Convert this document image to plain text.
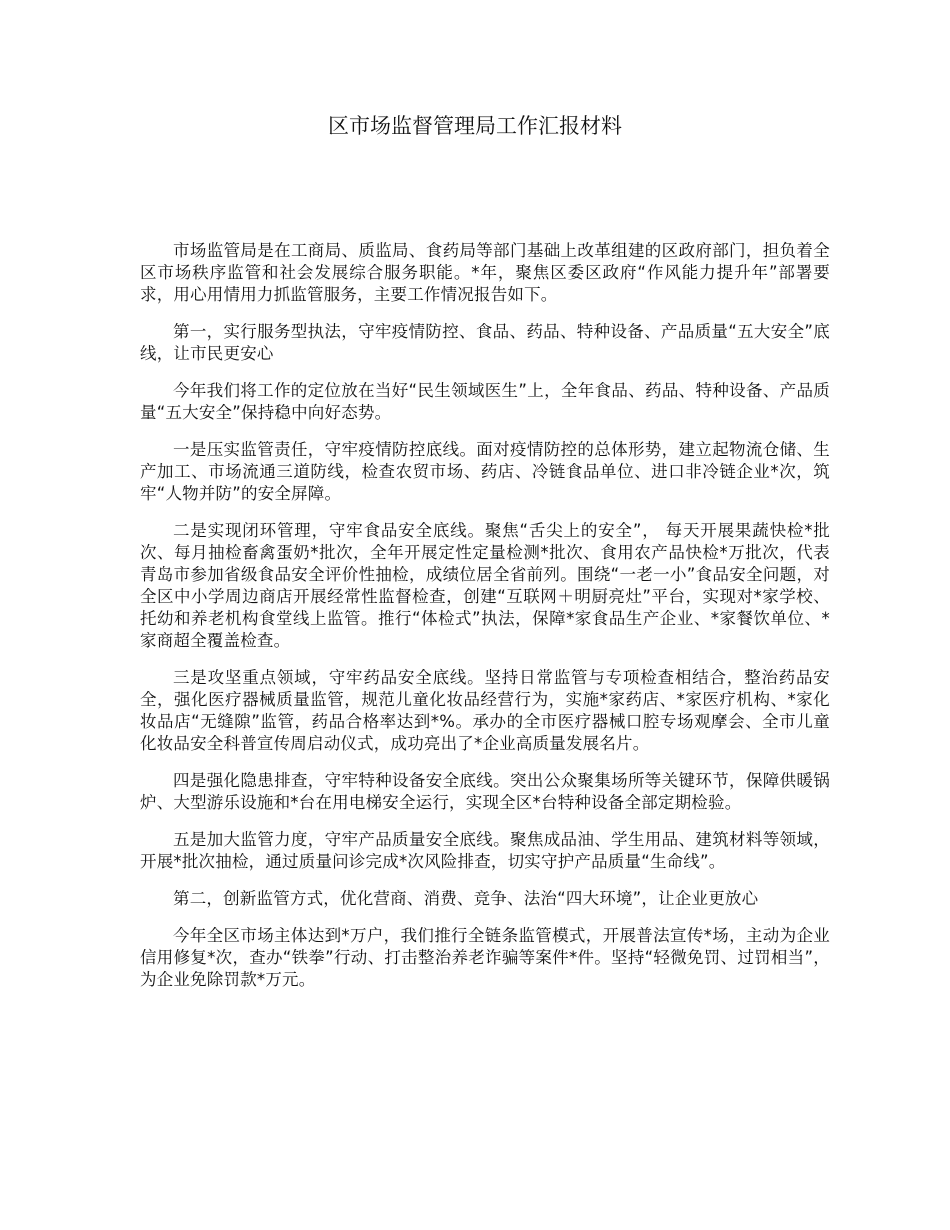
区市场监督管理局工作汇报材料

市场监管局是在工商局、质监局、食药局等部门基础上改革组建的区政府部门，担负着全区市场秩序监管和社会发展综合服务职能。*年，聚焦区委区政府“作风能力提升年”部署要求，用心用情用力抓监管服务，主要工作情况报告如下。

第一，实行服务型执法，守牢疫情防控、食品、药品、特种设备、产品质量“五大安全”底线，让市民更安心

今年我们将工作的定位放在当好“民生领域医生”上，全年食品、药品、特种设备、产品质量“五大安全”保持稳中向好态势。

一是压实监管责任，守牢疫情防控底线。面对疫情防控的总体形势，建立起物流仓储、生产加工、市场流通三道防线，检查农贸市场、药店、冷链食品单位、进口非冷链企业*次，筑牢“人物并防”的安全屏障。

二是实现闭环管理，守牢食品安全底线。聚焦“舌尖上的安全”， 每天开展果蔬快检*批次、每月抽检畜禽蛋奶*批次，全年开展定性定量检测*批次、食用农产品快检*万批次，代表青岛市参加省级食品安全评价性抽检，成绩位居全省前列。围绕“一老一小”食品安全问题，对全区中小学周边商店开展经常性监督检查，创建“互联网＋明厨亮灶”平台，实现对*家学校、托幼和养老机构食堂线上监管。推行“体检式”执法，保障*家食品生产企业、*家餐饮单位、*家商超全覆盖检查。

三是攻坚重点领域，守牢药品安全底线。坚持日常监管与专项检查相结合，整治药品安全，强化医疗器械质量监管，规范儿童化妆品经营行为，实施*家药店、*家医疗机构、*家化妆品店“无缝隙”监管，药品合格率达到*%。承办的全市医疗器械口腔专场观摩会、全市儿童化妆品安全科普宣传周启动仪式，成功亮出了*企业高质量发展名片。

四是强化隐患排查，守牢特种设备安全底线。突出公众聚集场所等关键环节，保障供暖锅炉、大型游乐设施和*台在用电梯安全运行，实现全区*台特种设备全部定期检验。

五是加大监管力度，守牢产品质量安全底线。聚焦成品油、学生用品、建筑材料等领域，开展*批次抽检，通过质量问诊完成*次风险排查，切实守护产品质量“生命线”。

第二，创新监管方式，优化营商、消费、竞争、法治“四大环境”，让企业更放心

今年全区市场主体达到*万户，我们推行全链条监管模式，开展普法宣传*场，主动为企业信用修复*次，查办“铁拳”行动、打击整治养老诈骗等案件*件。坚持“轻微免罚、过罚相当”，为企业免除罚款*万元。
